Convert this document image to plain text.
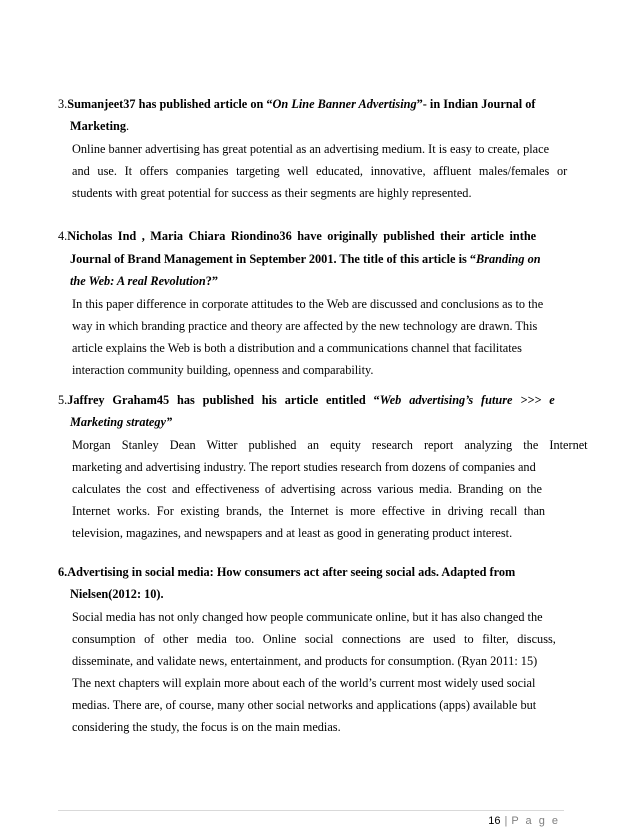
3.Sumanjeet37 has published article on “On Line Banner Advertising”- in Indian Journal of
Marketing.
Online banner advertising has great potential as an advertising medium. It is easy to create, place
and use. It offers companies targeting well educated, innovative, affluent males/females or
students with great potential for success as their segments are highly represented.
4.Nicholas Ind , Maria Chiara Riondino36 have originally published their article inthe
Journal of Brand Management in September 2001. The title of this article is “Branding on
the Web: A real Revolution?”
In this paper difference in corporate attitudes to the Web are discussed and conclusions as to the
way in which branding practice and theory are affected by the new technology are drawn. This
article explains the Web is both a distribution and a communications channel that facilitates
interaction community building, openness and comparability.
5.Jaffrey Graham45 has published his article entitled “Web advertising’s future >>> e
Marketing strategy”
Morgan Stanley Dean Witter published an equity research report analyzing the Internet
marketing and advertising industry. The report studies research from dozens of companies and
calculates the cost and effectiveness of advertising across various media. Branding on the
Internet works. For existing brands, the Internet is more effective in driving recall than
television, magazines, and newspapers and at least as good in generating product interest.
6.Advertising in social media: How consumers act after seeing social ads. Adapted from
Nielsen(2012: 10).
Social media has not only changed how people communicate online, but it has also changed the
consumption of other media too. Online social connections are used to filter, discuss,
disseminate, and validate news, entertainment, and products for consumption. (Ryan 2011: 15)
The next chapters will explain more about each of the world’s current most widely used social
medias. There are, of course, many other social networks and applications (apps) available but
considering the study, the focus is on the main medias.
16 | P a g e
